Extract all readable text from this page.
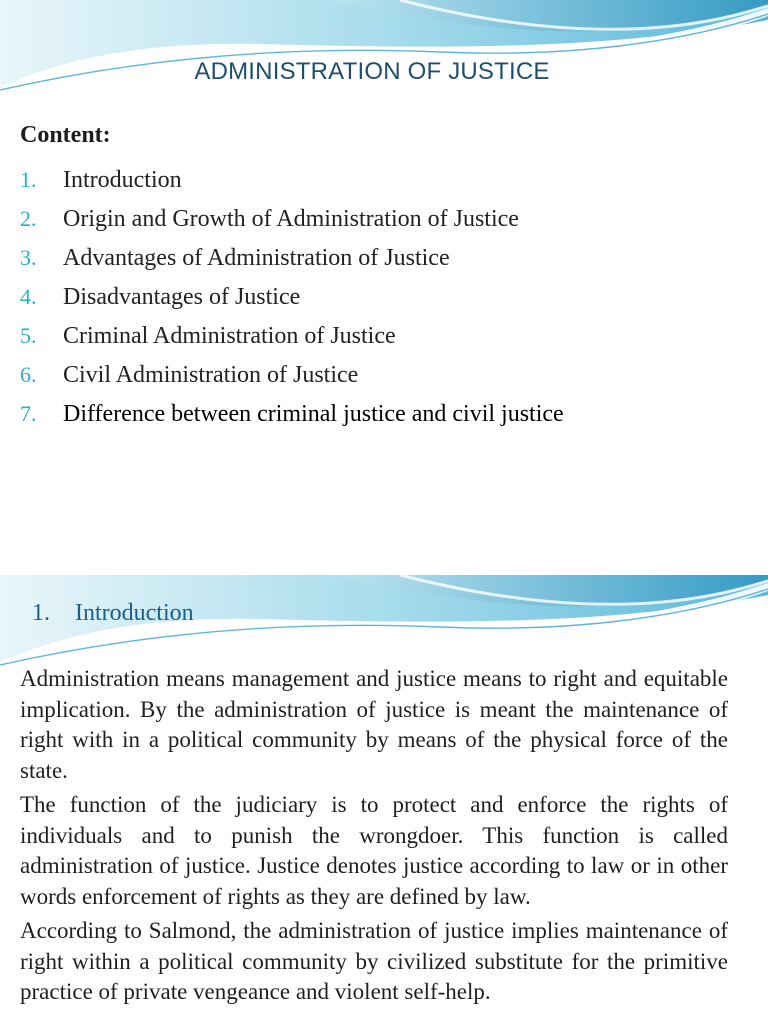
ADMINISTRATION OF JUSTICE
Content:
1. Introduction
2. Origin and Growth of Administration of Justice
3. Advantages of Administration of Justice
4. Disadvantages of Justice
5. Criminal Administration of Justice
6. Civil Administration of Justice
7. Difference between criminal justice and civil justice
1. Introduction

Administration means management and justice means to right and equitable implication. By the administration of justice is meant the maintenance of right with in a political community by means of the physical force of the state.

The function of the judiciary is to protect and enforce the rights of individuals and to punish the wrongdoer. This function is called administration of justice. Justice denotes justice according to law or in other words enforcement of rights as they are defined by law.

According to Salmond, the administration of justice implies maintenance of right within a political community by civilized substitute for the primitive practice of private vengeance and violent self-help.
